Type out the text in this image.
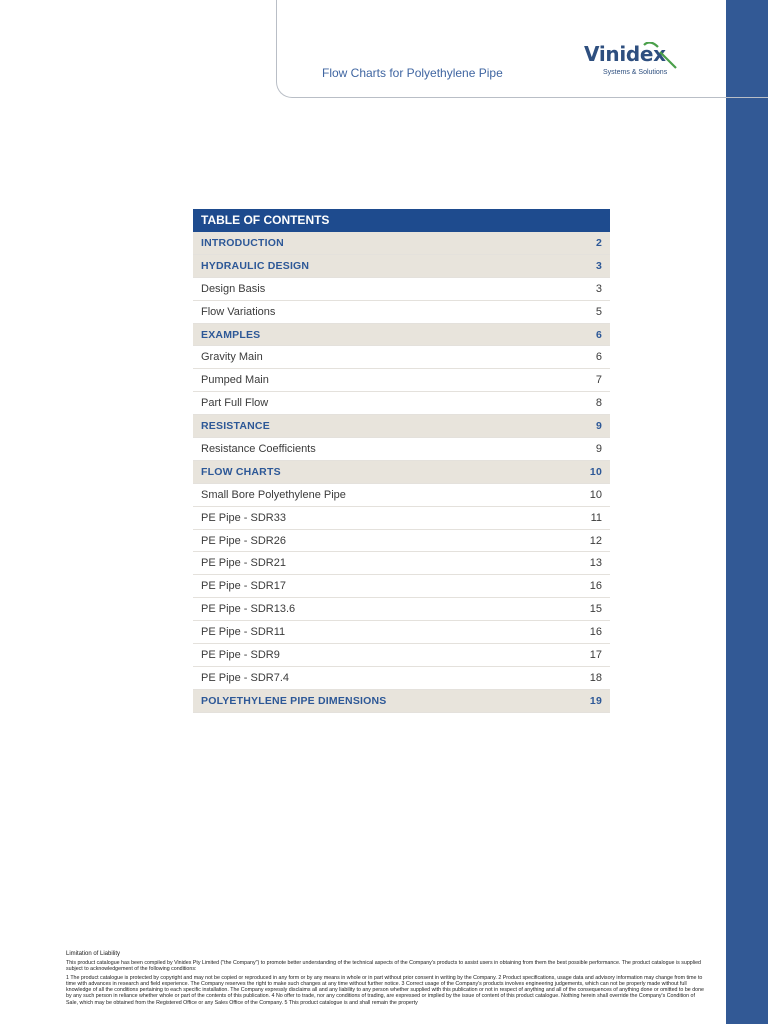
Flow Charts for Polyethylene Pipe
Vinidex
Systems & Solutions
TABLE OF CONTENTS
INTRODUCTION	2
HYDRAULIC DESIGN	3
Design Basis	3
Flow Variations	5
EXAMPLES	6
Gravity Main	6
Pumped Main	7
Part Full Flow	8
RESISTANCE	9
Resistance Coefficients	9
FLOW CHARTS	10
Small Bore Polyethylene Pipe	10
PE Pipe - SDR33	11
PE Pipe - SDR26	12
PE Pipe - SDR21	13
PE Pipe - SDR17	16
PE Pipe - SDR13.6	15
PE Pipe - SDR11	16
PE Pipe - SDR9	17
PE Pipe - SDR7.4	18
POLYETHYLENE PIPE DIMENSIONS	19

Limitation of Liability

This product catalogue has been compiled by Vinidex Pty Limited ("the Company") to promote better understanding of the technical aspects of the Company's products to assist users in obtaining from them the best possible performance. The product catalogue is supplied subject to acknowledgement of the following conditions:

1 The product catalogue is protected by copyright and may not be copied or reproduced in any form or by any means in whole or in part without prior consent in writing by the Company. 2 Product specifications, usage data and advisory information may change from time to time with advances in research and field experience. The Company reserves the right to make such changes at any time without further notice. 3 Correct usage of the Company's products involves engineering judgements, which can not be properly made without full knowledge of all the conditions pertaining to each specific installation. The Company expressly disclaims all and any liability to any person whether supplied with this publication or not in respect of anything and all of the consequences of anything done or omitted to be done by any such person in reliance whether whole or part of the contents of this publication. 4 No offer to trade, nor any conditions of trading, are expressed or implied by the issue of content of this product catalogue. Nothing herein shall override the Company's Condition of Sale, which may be obtained from the Registered Office or any Sales Office of the Company. 5 This product catalogue is and shall remain the property
